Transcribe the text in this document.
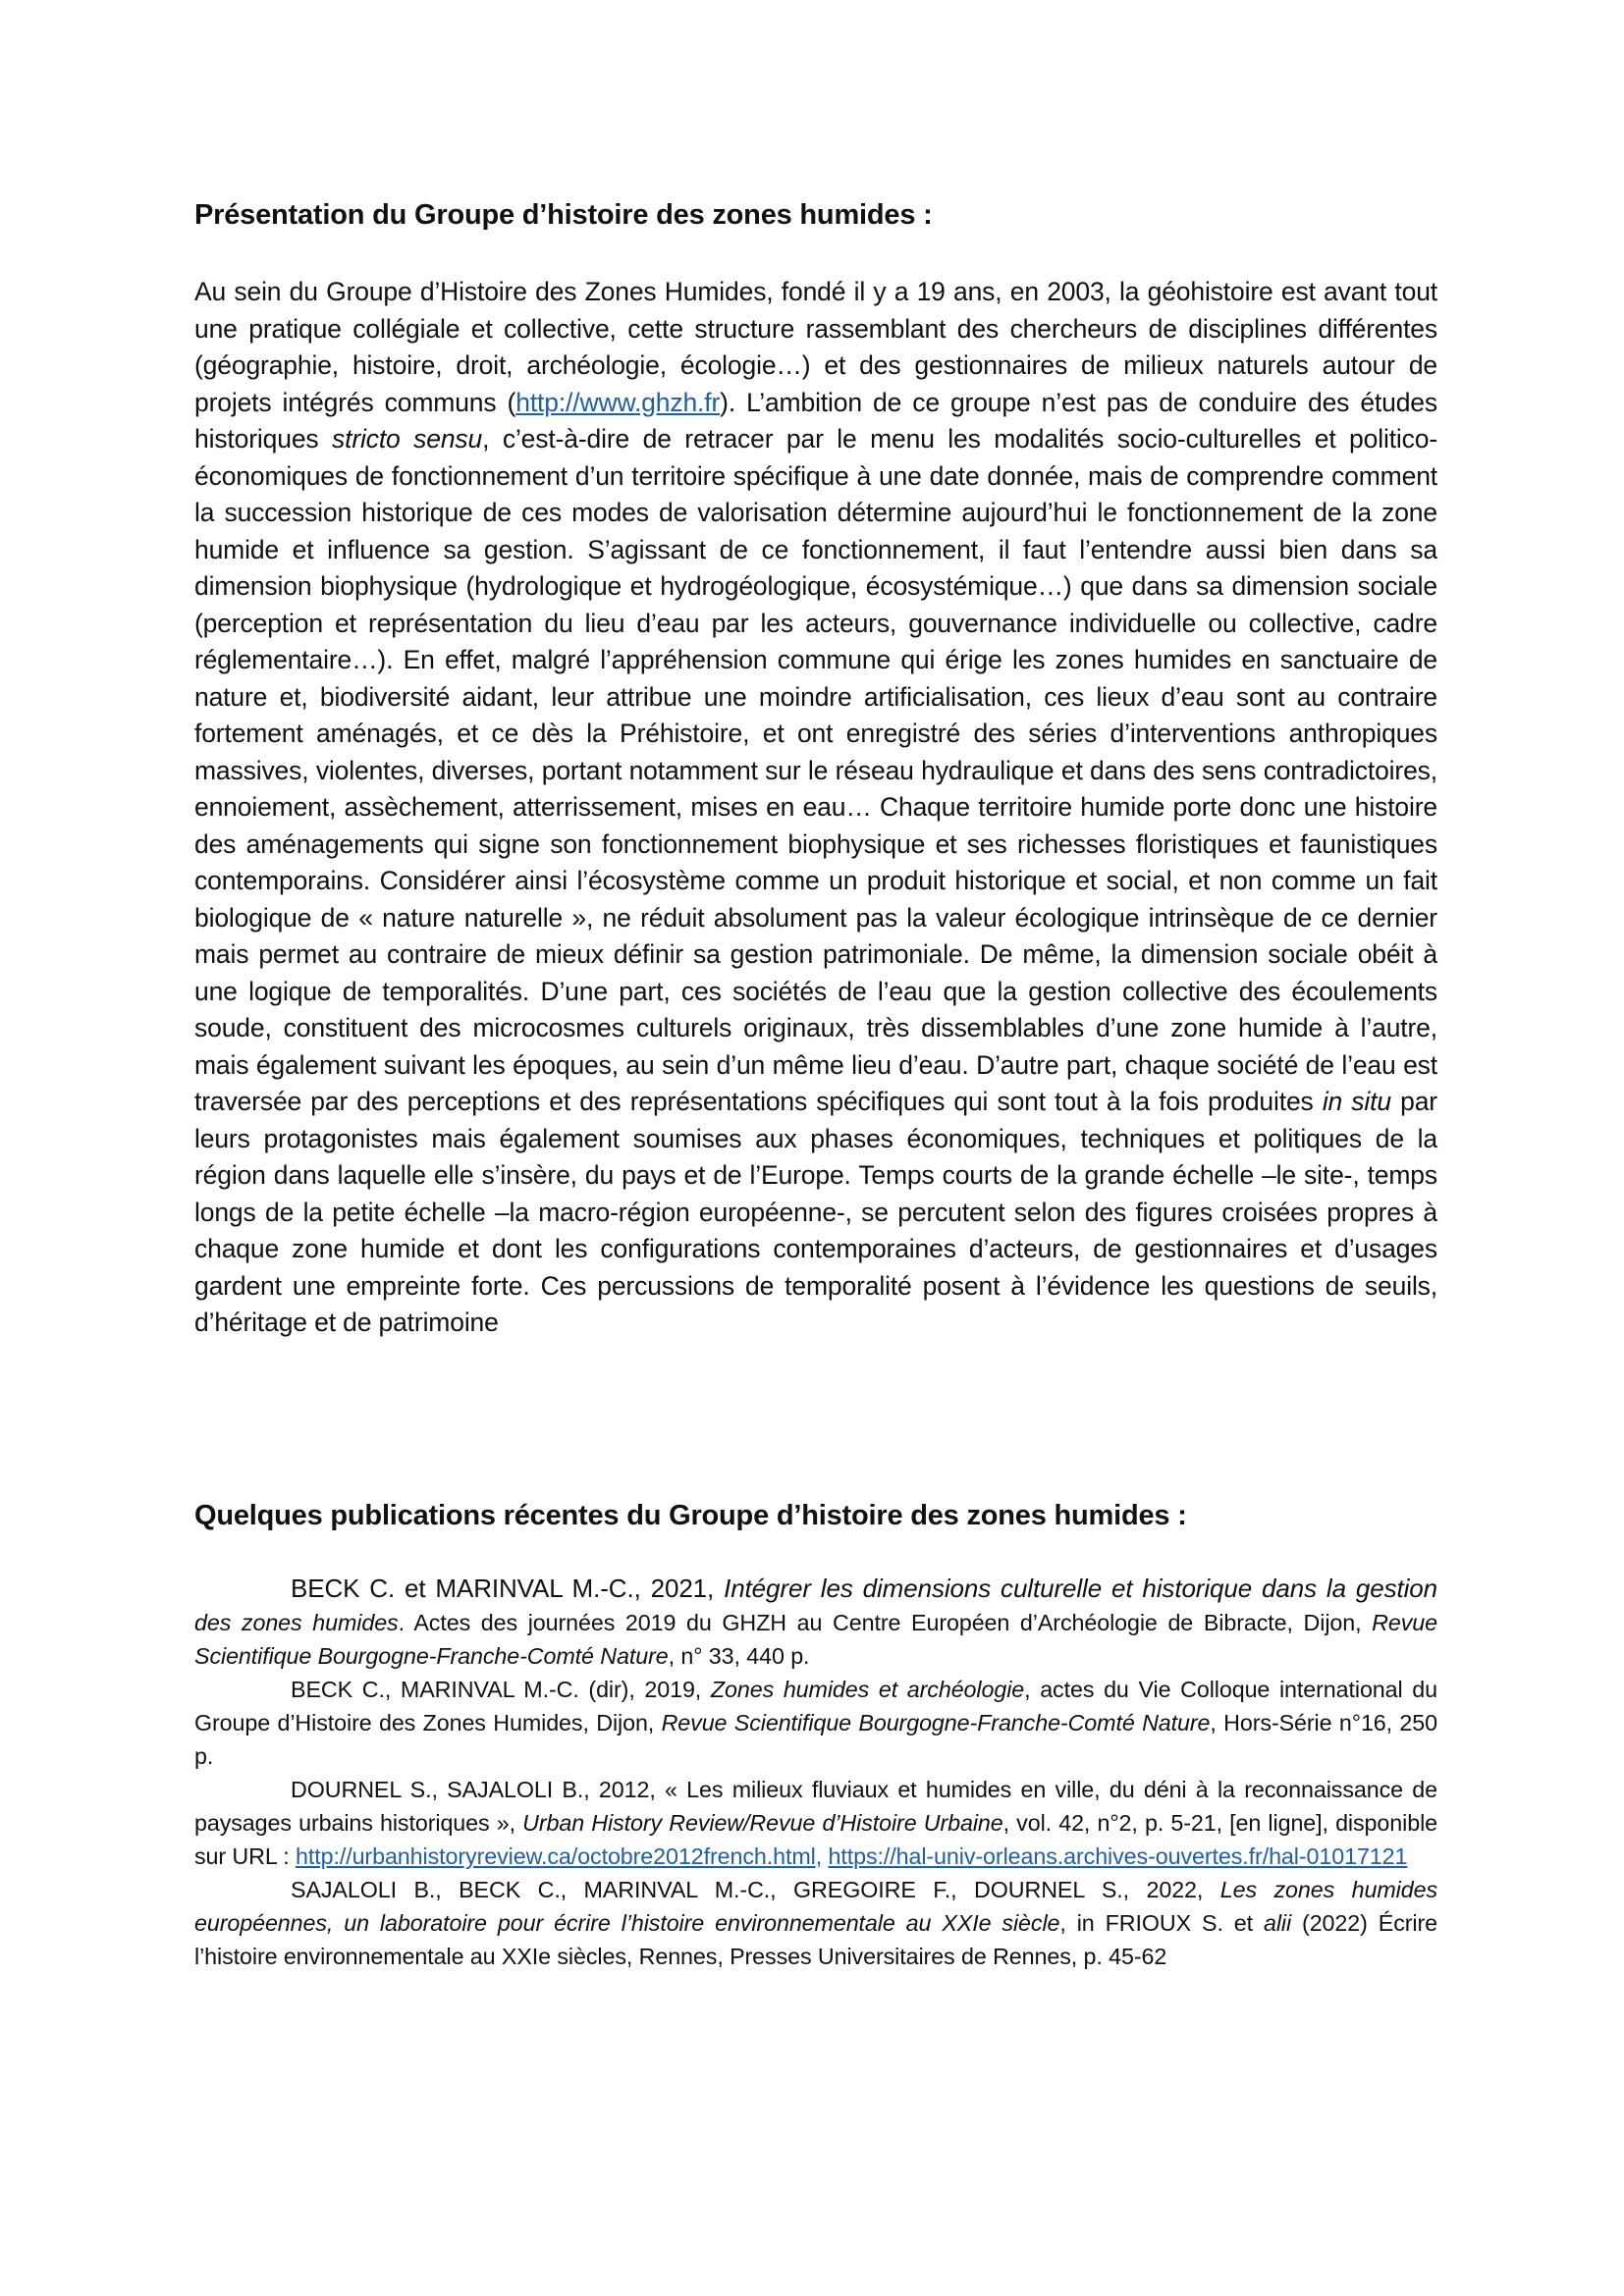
Présentation du Groupe d’histoire des zones humides :

Au sein du Groupe d’Histoire des Zones Humides, fondé il y a 19 ans, en 2003, la géohistoire est avant tout une pratique collégiale et collective, cette structure rassemblant des chercheurs de disciplines différentes (géographie, histoire, droit, archéologie, écologie…) et des gestionnaires de milieux naturels autour de projets intégrés communs (http://www.ghzh.fr). L’ambition de ce groupe n’est pas de conduire des études historiques stricto sensu, c’est-à-dire de retracer par le menu les modalités socio-culturelles et politico-économiques de fonctionnement d’un territoire spécifique à une date donnée, mais de comprendre comment la succession historique de ces modes de valorisation détermine aujourd’hui le fonctionnement de la zone humide et influence sa gestion. S’agissant de ce fonctionnement, il faut l’entendre aussi bien dans sa dimension biophysique (hydrologique et hydrogéologique, écosystémique…) que dans sa dimension sociale (perception et représentation du lieu d’eau par les acteurs, gouvernance individuelle ou collective, cadre réglementaire…). En effet, malgré l’appréhension commune qui érige les zones humides en sanctuaire de nature et, biodiversité aidant, leur attribue une moindre artificialisation, ces lieux d’eau sont au contraire fortement aménagés, et ce dès la Préhistoire, et ont enregistré des séries d’interventions anthropiques massives, violentes, diverses, portant notamment sur le réseau hydraulique et dans des sens contradictoires, ennoiement, assèchement, atterrissement, mises en eau… Chaque territoire humide porte donc une histoire des aménagements qui signe son fonctionnement biophysique et ses richesses floristiques et faunistiques contemporains. Considérer ainsi l’écosystème comme un produit historique et social, et non comme un fait biologique de « nature naturelle », ne réduit absolument pas la valeur écologique intrinsèque de ce dernier mais permet au contraire de mieux définir sa gestion patrimoniale. De même, la dimension sociale obéit à une logique de temporalités. D’une part, ces sociétés de l’eau que la gestion collective des écoulements soude, constituent des microcosmes culturels originaux, très dissemblables d’une zone humide à l’autre, mais également suivant les époques, au sein d’un même lieu d’eau. D’autre part, chaque société de l’eau est traversée par des perceptions et des représentations spécifiques qui sont tout à la fois produites in situ par leurs protagonistes mais également soumises aux phases économiques, techniques et politiques de la région dans laquelle elle s’insère, du pays et de l’Europe. Temps courts de la grande échelle –le site-, temps longs de la petite échelle –la macro-région européenne-, se percutent selon des figures croisées propres à chaque zone humide et dont les configurations contemporaines d’acteurs, de gestionnaires et d’usages gardent une empreinte forte. Ces percussions de temporalité posent à l’évidence les questions de seuils, d’héritage et de patrimoine

Quelques publications récentes du Groupe d’histoire des zones humides :

BECK C. et MARINVAL M.-C., 2021, Intégrer les dimensions culturelle et historique dans la gestion des zones humides. Actes des journées 2019 du GHZH au Centre Européen d’Archéologie de Bibracte, Dijon, Revue Scientifique Bourgogne-Franche-Comté Nature, n° 33, 440 p.

BECK C., MARINVAL M.-C. (dir), 2019, Zones humides et archéologie, actes du Vie Colloque international du Groupe d’Histoire des Zones Humides, Dijon, Revue Scientifique Bourgogne-Franche-Comté Nature, Hors-Série n°16, 250 p.

DOURNEL S., SAJALOLI B., 2012, « Les milieux fluviaux et humides en ville, du déni à la reconnaissance de paysages urbains historiques », Urban History Review/Revue d’Histoire Urbaine, vol. 42, n°2, p. 5-21, [en ligne], disponible sur URL : http://urbanhistoryreview.ca/octobre2012french.html, https://hal-univ-orleans.archives-ouvertes.fr/hal-01017121

SAJALOLI B., BECK C., MARINVAL M.-C., GREGOIRE F., DOURNEL S., 2022, Les zones humides européennes, un laboratoire pour écrire l’histoire environnementale au XXIe siècle, in FRIOUX S. et alii (2022) Écrire l’histoire environnementale au XXIe siècles, Rennes, Presses Universitaires de Rennes, p. 45-62
